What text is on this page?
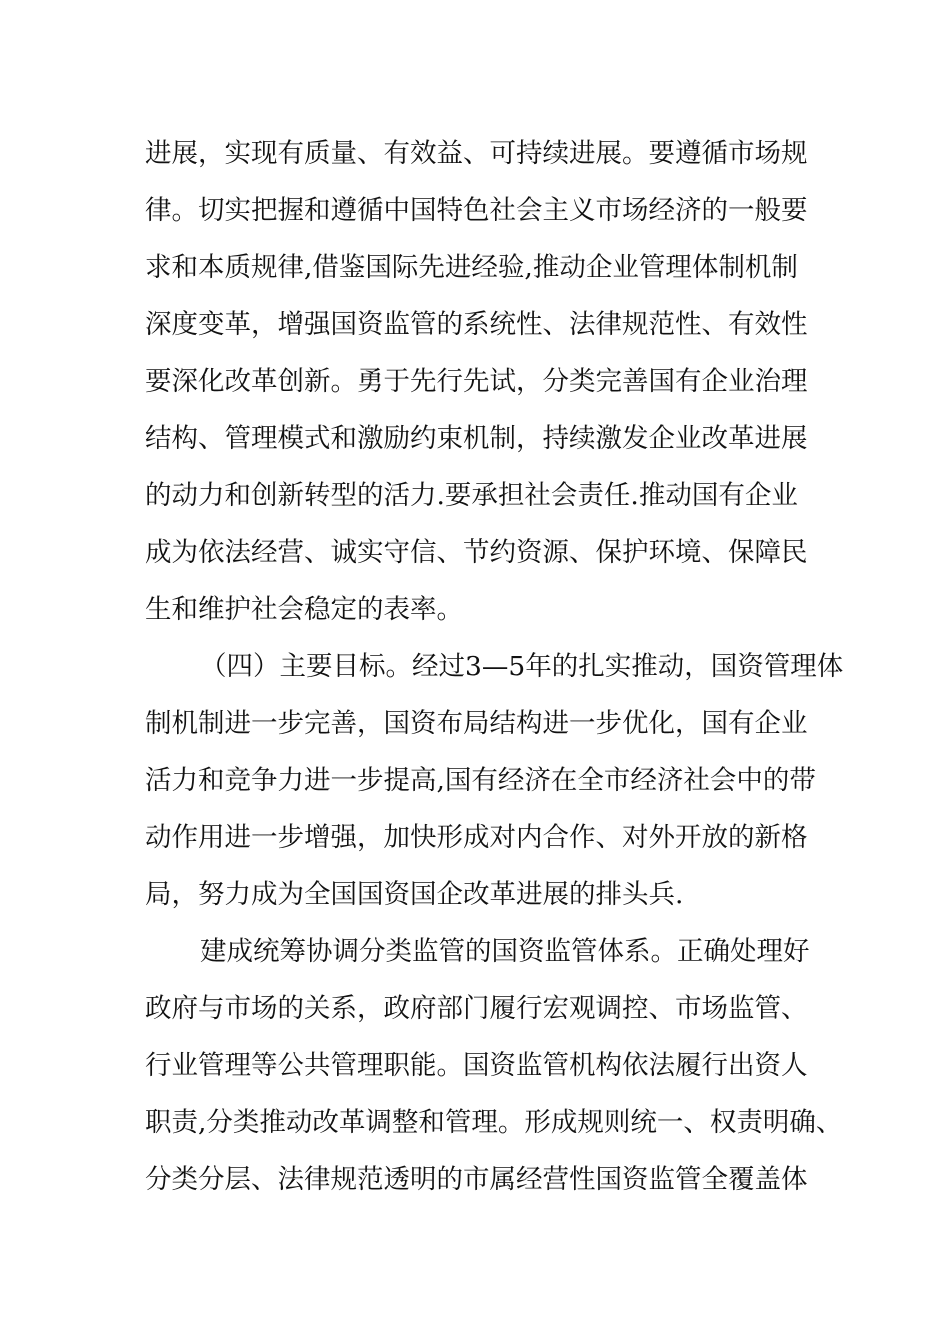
进展，实现有质量、有效益、可持续进展。要遵循市场规
律。切实把握和遵循中国特色社会主义市场经济的一般要
求和本质规律,借鉴国际先进经验,推动企业管理体制机制
深度变革，增强国资监管的系统性、法律规范性、有效性
要深化改革创新。勇于先行先试，分类完善国有企业治理
结构、管理模式和激励约束机制，持续激发企业改革进展
的动力和创新转型的活力.要承担社会责任.推动国有企业
成为依法经营、诚实守信、节约资源、保护环境、保障民
生和维护社会稳定的表率。
（四）主要目标。经过3—5年的扎实推动，国资管理体
制机制进一步完善，国资布局结构进一步优化，国有企业
活力和竞争力进一步提高,国有经济在全市经济社会中的带
动作用进一步增强，加快形成对内合作、对外开放的新格
局，努力成为全国国资国企改革进展的排头兵.
建成统筹协调分类监管的国资监管体系。正确处理好
政府与市场的关系，政府部门履行宏观调控、市场监管、
行业管理等公共管理职能。国资监管机构依法履行出资人
职责,分类推动改革调整和管理。形成规则统一、权责明确、
分类分层、法律规范透明的市属经营性国资监管全覆盖体
